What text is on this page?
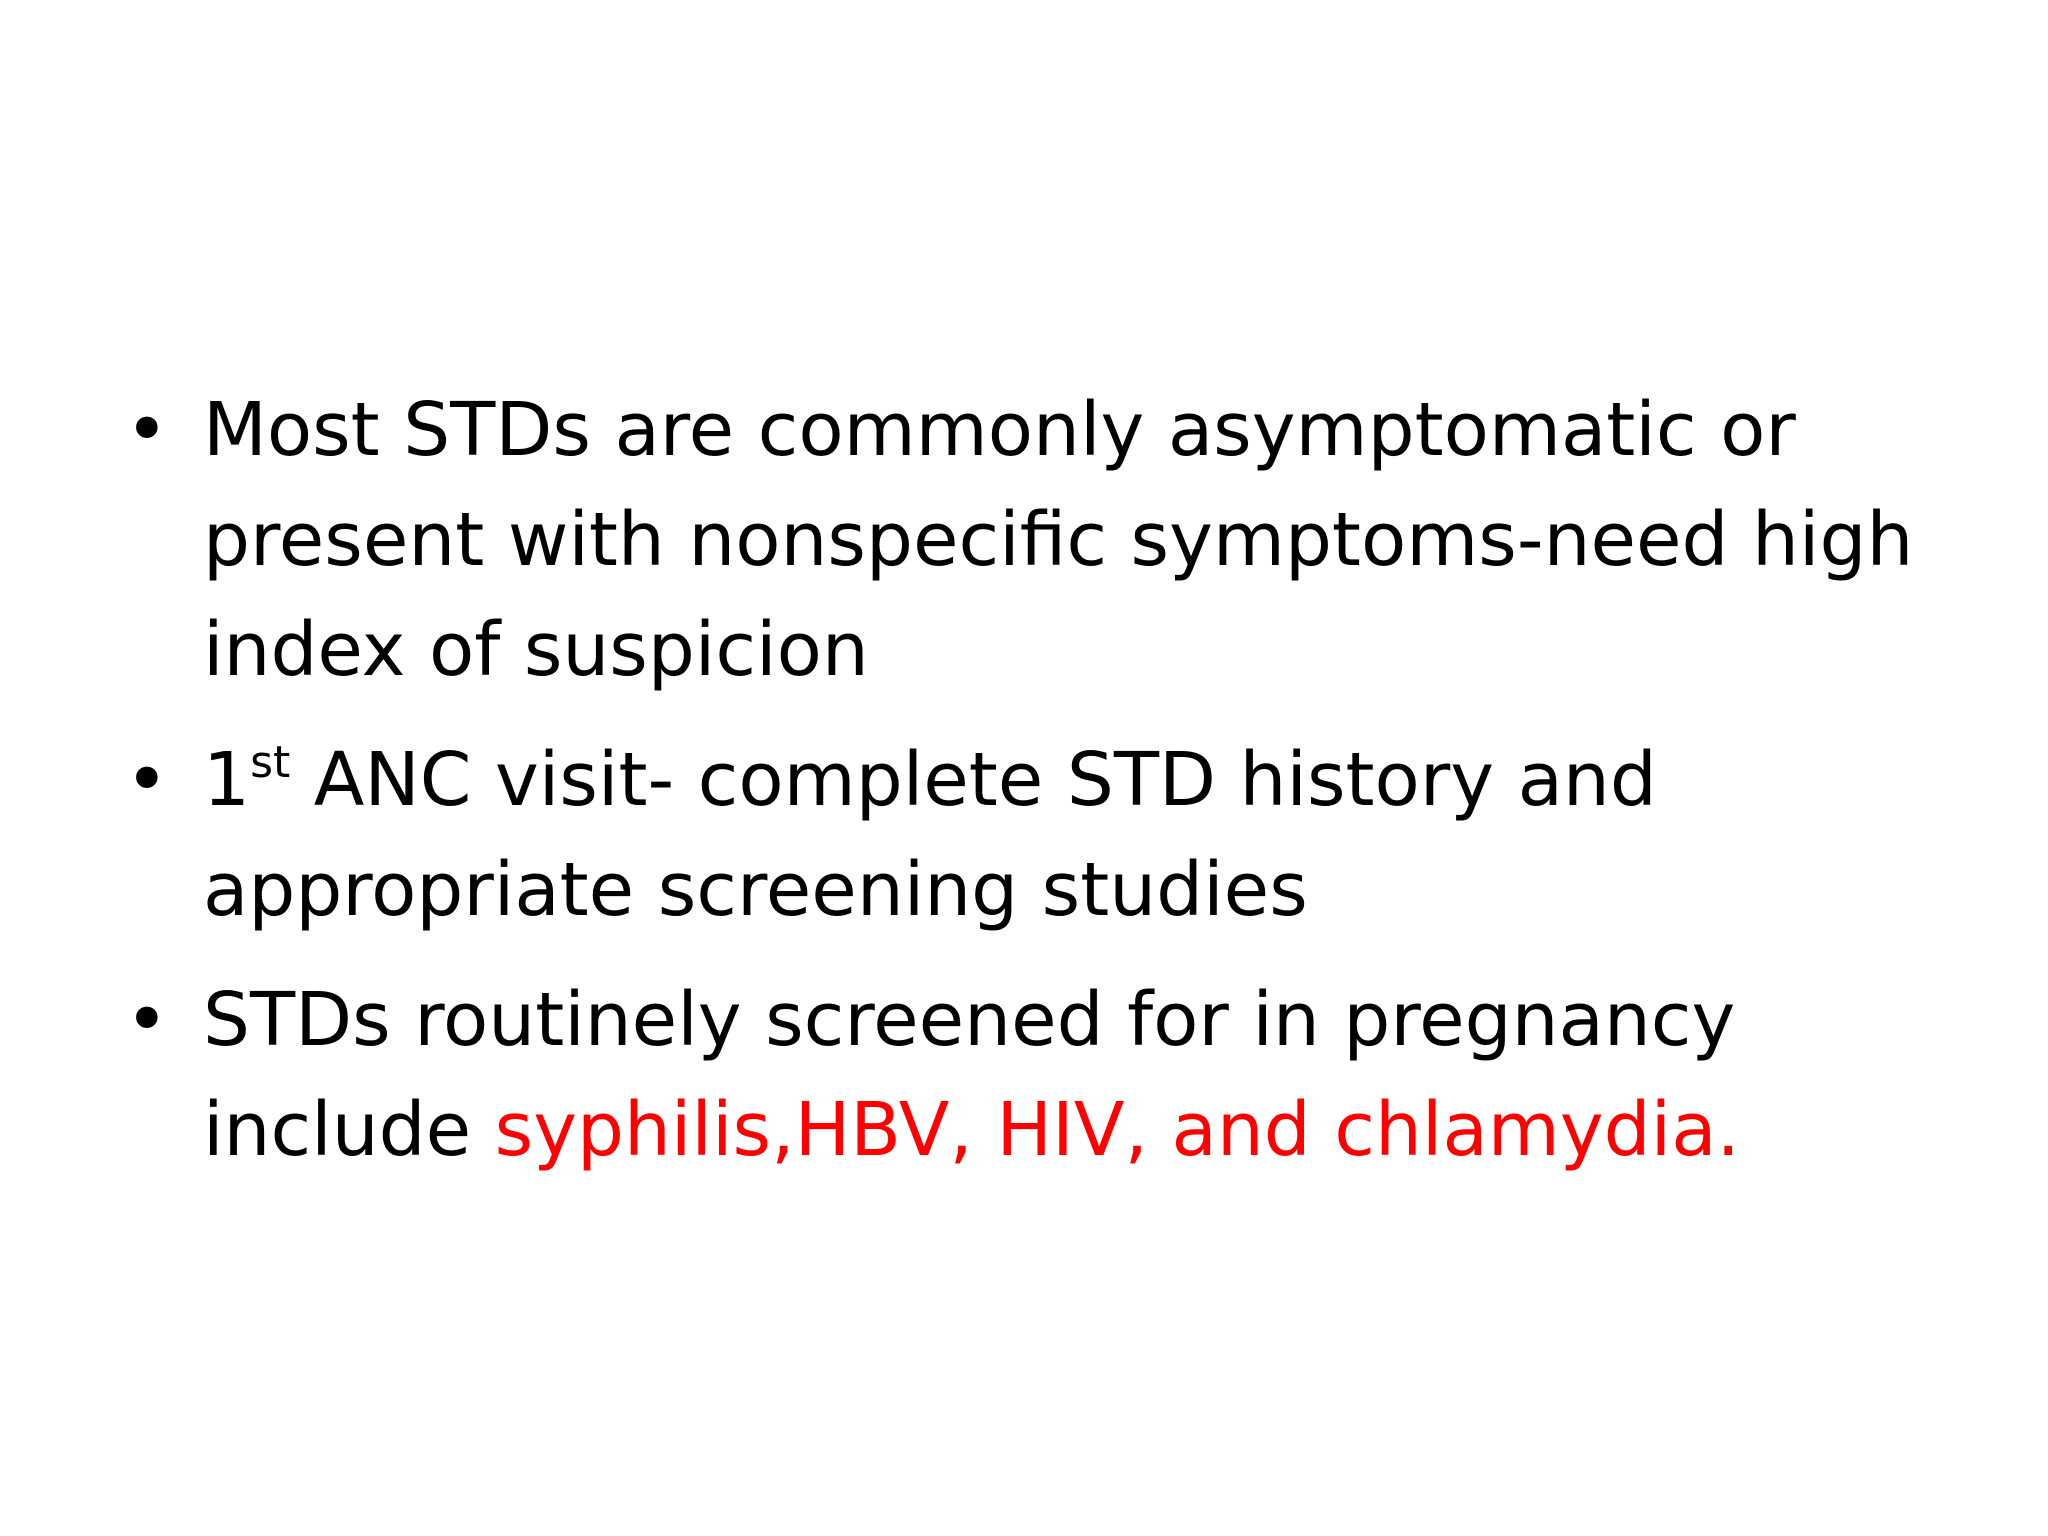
• Most STDs are commonly asymptomatic or present with nonspecific symptoms-need high index of suspicion
• 1st ANC visit- complete STD history and appropriate screening studies
• STDs routinely screened for in pregnancy include syphilis,HBV, HIV, and chlamydia.
